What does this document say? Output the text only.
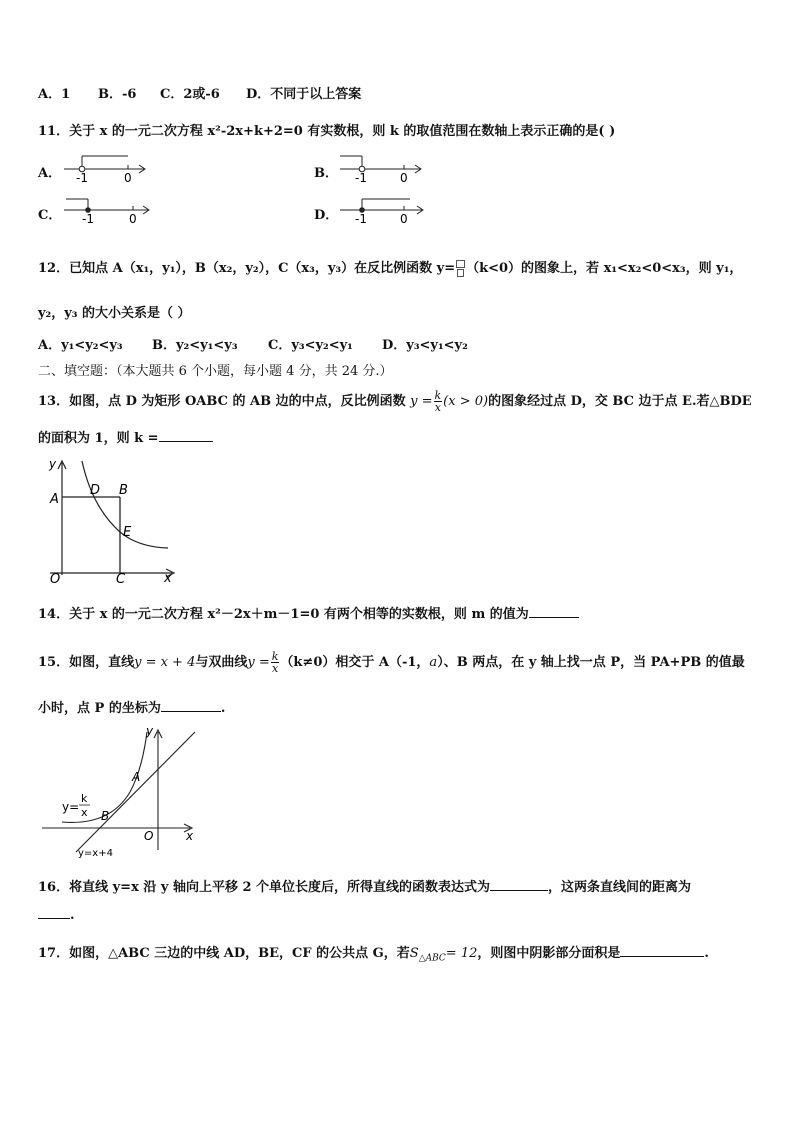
A．1 B．-6 C．2或-6 D．不同于以上答案
11．关于 x 的一元二次方程 x²-2x+k+2=0 有实数根，则 k 的取值范围在数轴上表示正确的是( )
A． -1	0	B． -1	0
C． -1	0	D． -1	0
12．已知点 A（x₁，y₁），B（x₂，y₂），C（x₃，y₃）在反比例函数 y= （k<0）的图象上，若 x₁<x₂<0<x₃，则 y₁，
y₂，y₃ 的大小关系是（ ）
A．y₁<y₂<y₃ B．y₂<y₁<y₃ C．y₃<y₂<y₁ D．y₃<y₁<y₂
二、填空题：（本大题共 6 个小题，每小题 4 分，共 24 分.）
13．如图，点 D 为矩形 OABC 的 AB 边的中点，反比例函数 $y = \frac{k}{x} (x > 0)$的图象经过点 D，交 BC 边于点 E.若△BDE
的面积为 1，则 k =
y
x
A
D B
E
O	C
14．关于 x 的一元二次方程 x²－2x＋m－1=0 有两个相等的实数根，则 m 的值为
15．如图，直线y = x + 4与双曲线$y = \frac{k}{x} (k\ne 0)$相交于 A（-1，a）、B 两点，在 y 轴上找一点 P，当 PA+PB 的值最
小时，点 P 的坐标为	.
y
x
A
B
O
y=
k
x
y=x+4
16．将直线 y=x 沿 y 轴向上平移 2 个单位长度后，所得直线的函数表达式为	，这两条直线间的距离为
.
17．如图，△ABC 三边的中线 AD，BE，CF 的公共点 G，若$S_{\triangle ABC}= 12$，则图中阴影部分面积是	.
